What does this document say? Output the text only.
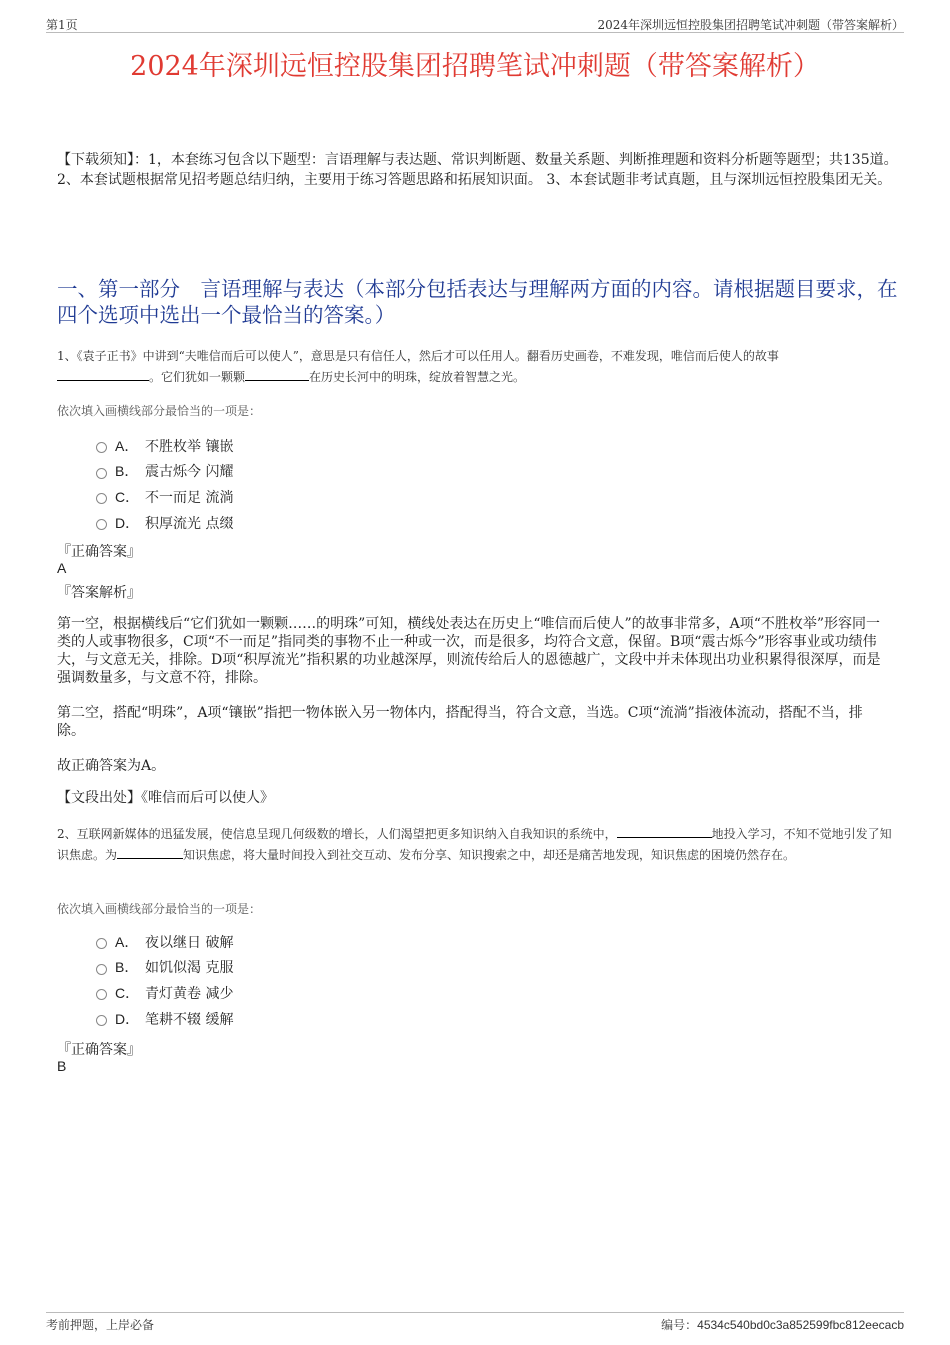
第1页	2024年深圳远恒控股集团招聘笔试冲刺题（带答案解析）
2024年深圳远恒控股集团招聘笔试冲刺题（带答案解析）
【下载须知】：1，本套练习包含以下题型：言语理解与表达题、常识判断题、数量关系题、判断推理题和资料分析题等题型；共135道。 2、本套试题根据常见招考题总结归纳，主要用于练习答题思路和拓展知识面。 3、本套试题非考试真题，且与深圳远恒控股集团无关。
一、第一部分　言语理解与表达（本部分包括表达与理解两方面的内容。请根据题目要求，在四个选项中选出一个最恰当的答案。）
1、《袁子正书》中讲到“夫唯信而后可以使人”，意思是只有信任人，然后才可以任用人。翻看历史画卷，不难发现，唯信而后使人的故事
。它们犹如一颗颗	在历史长河中的明珠，绽放着智慧之光。
依次填入画横线部分最恰当的一项是：
A． 不胜枚举 镶嵌
B． 震古烁今 闪耀
C． 不一而足 流淌
D． 积厚流光 点缀
『正确答案』
A
『答案解析』
第一空，根据横线后“它们犹如一颗颗……的明珠”可知，横线处表达在历史上“唯信而后使人”的故事非常多，A项“不胜枚举”形容同一类的人或事物很多，C项“不一而足”指同类的事物不止一种或一次，而是很多，均符合文意，保留。B项“震古烁今”形容事业或功绩伟大，与文意无关，排除。D项“积厚流光”指积累的功业越深厚，则流传给后人的恩德越广，文段中并未体现出功业积累得很深厚，而是强调数量多，与文意不符，排除。
第二空，搭配“明珠”，A项“镶嵌”指把一物体嵌入另一物体内，搭配得当，符合文意，当选。C项“流淌”指液体流动，搭配不当，排除。
故正确答案为A。
【文段出处】《唯信而后可以使人》
2、互联网新媒体的迅猛发展，使信息呈现几何级数的增长，人们渴望把更多知识纳入自我知识的系统中，	地投入学习，不知不觉地引发了知识焦虑。为	知识焦虑，将大量时间投入到社交互动、发布分享、知识搜索之中，却还是痛苦地发现，知识焦虑的困境仍然存在。
依次填入画横线部分最恰当的一项是：
A． 夜以继日 破解
B． 如饥似渴 克服
C． 青灯黄卷 减少
D． 笔耕不辍 缓解
『正确答案』
B
考前押题，上岸必备	编号：4534c540bd0c3a852599fbc812eecacb
